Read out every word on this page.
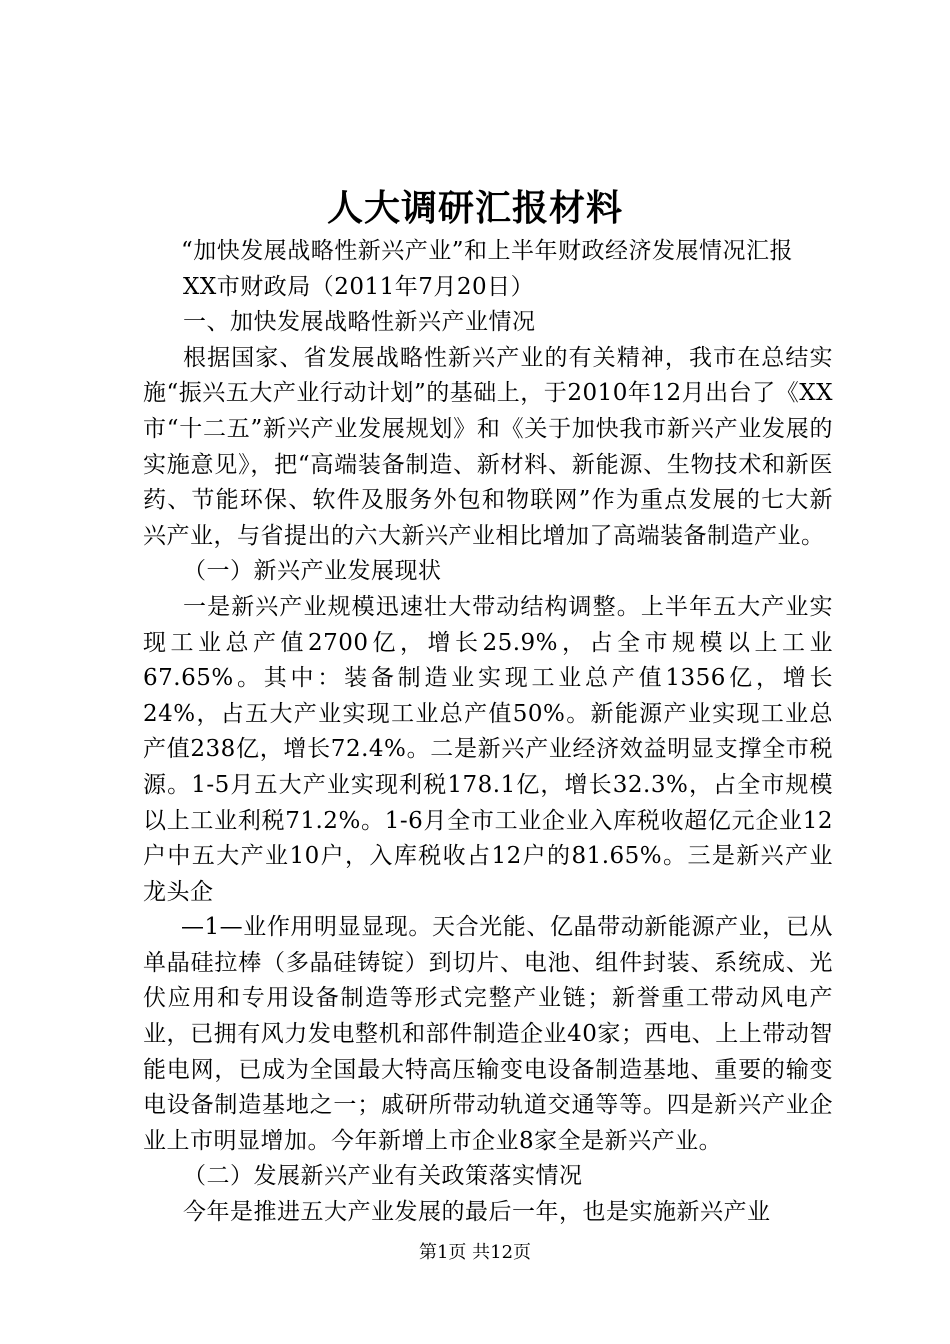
人大调研汇报材料

“加快发展战略性新兴产业”和上半年财政经济发展情况汇报

XX市财政局（2011年7月20日）

一、加快发展战略性新兴产业情况

根据国家、省发展战略性新兴产业的有关精神，我市在总结实施“振兴五大产业行动计划”的基础上，于2010年12月出台了《XX市“十二五”新兴产业发展规划》和《关于加快我市新兴产业发展的实施意见》，把“高端装备制造、新材料、新能源、生物技术和新医药、节能环保、软件及服务外包和物联网”作为重点发展的七大新兴产业，与省提出的六大新兴产业相比增加了高端装备制造产业。

（一）新兴产业发展现状

一是新兴产业规模迅速壮大带动结构调整。上半年五大产业实现工业总产值2700亿，增长25.9%，占全市规模以上工业67.65%。其中：装备制造业实现工业总产值1356亿，增长24%，占五大产业实现工业总产值50%。新能源产业实现工业总产值238亿，增长72.4%。二是新兴产业经济效益明显支撑全市税源。1-5月五大产业实现利税178.1亿，增长32.3%，占全市规模以上工业利税71.2%。1-6月全市工业企业入库税收超亿元企业12户中五大产业10户，入库税收占12户的81.65%。三是新兴产业龙头企

—1—业作用明显显现。天合光能、亿晶带动新能源产业，已从单晶硅拉棒（多晶硅铸锭）到切片、电池、组件封装、系统成、光伏应用和专用设备制造等形式完整产业链；新誉重工带动风电产业，已拥有风力发电整机和部件制造企业40家；西电、上上带动智能电网，已成为全国最大特高压输变电设备制造基地、重要的输变电设备制造基地之一；戚研所带动轨道交通等等。四是新兴产业企业上市明显增加。今年新增上市企业8家全是新兴产业。

（二）发展新兴产业有关政策落实情况

今年是推进五大产业发展的最后一年，也是实施新兴产业

第1页 共12页
